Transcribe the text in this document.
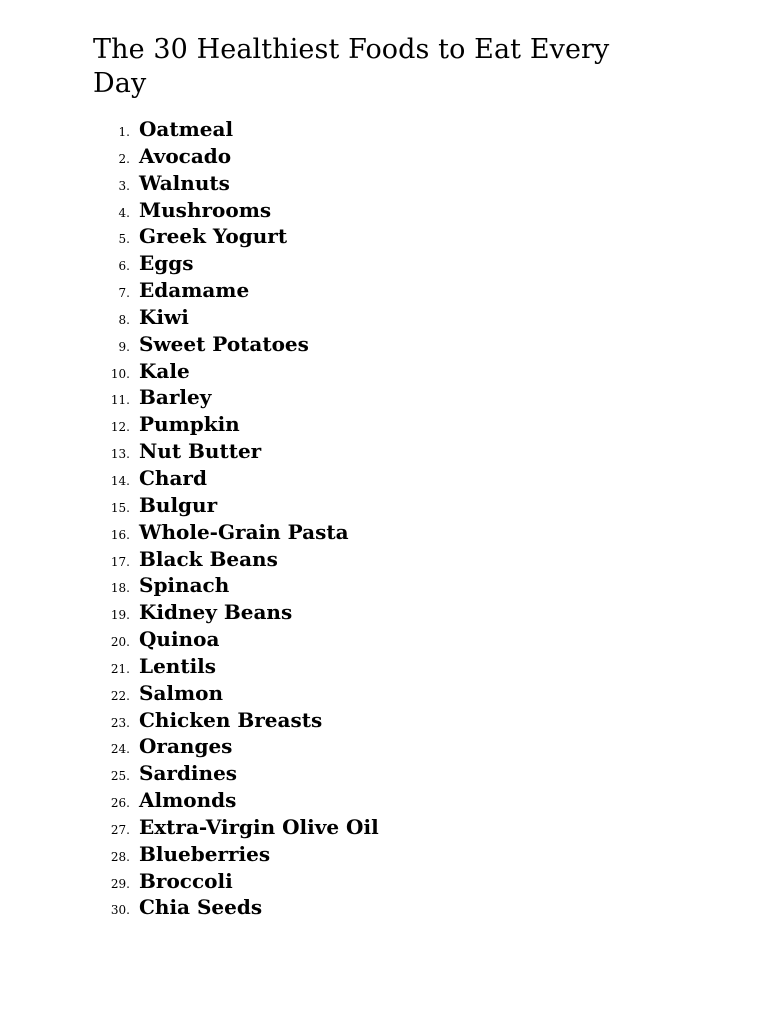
The 30 Healthiest Foods to Eat Every Day
1. Oatmeal
2. Avocado
3. Walnuts
4. Mushrooms
5. Greek Yogurt
6. Eggs
7. Edamame
8. Kiwi
9. Sweet Potatoes
10. Kale
11. Barley
12. Pumpkin
13. Nut Butter
14. Chard
15. Bulgur
16. Whole-Grain Pasta
17. Black Beans
18. Spinach
19. Kidney Beans
20. Quinoa
21. Lentils
22. Salmon
23. Chicken Breasts
24. Oranges
25. Sardines
26. Almonds
27. Extra-Virgin Olive Oil
28. Blueberries
29. Broccoli
30. Chia Seeds
